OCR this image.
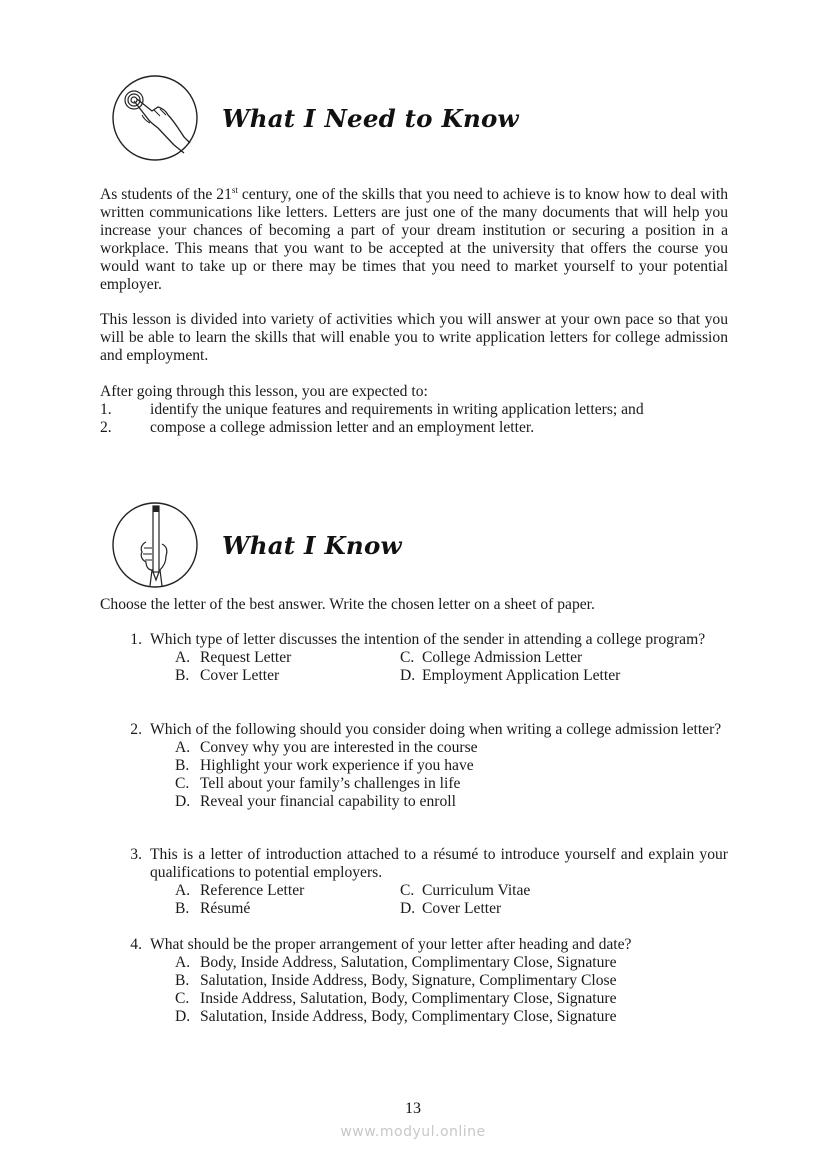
What I Need to Know

As students of the 21st century, one of the skills that you need to achieve is to know how to deal with written communications like letters. Letters are just one of the many documents that will help you increase your chances of becoming a part of your dream institution or securing a position in a workplace. This means that you want to be accepted at the university that offers the course you would want to take up or there may be times that you need to market yourself to your potential employer.

This lesson is divided into variety of activities which you will answer at your own pace so that you will be able to learn the skills that will enable you to write application letters for college admission and employment.

After going through this lesson, you are expected to:

1.	identify the unique features and requirements in writing application letters; and
2.	compose a college admission letter and an employment letter.
What I Know

Choose the letter of the best answer. Write the chosen letter on a sheet of paper.

1. Which type of letter discusses the intention of the sender in attending a college program?
A. Request Letter	C. College Admission Letter
B. Cover Letter	D. Employment Application Letter
2. Which of the following should you consider doing when writing a college admission letter?
A. Convey why you are interested in the course
B. Highlight your work experience if you have
C. Tell about your family’s challenges in life
D. Reveal your financial capability to enroll
3. This is a letter of introduction attached to a résumé to introduce yourself and explain your qualifications to potential employers.
A. Reference Letter	C. Curriculum Vitae
B. Résumé	D. Cover Letter
4. What should be the proper arrangement of your letter after heading and date?
A. Body, Inside Address, Salutation, Complimentary Close, Signature
B. Salutation, Inside Address, Body, Signature, Complimentary Close
C. Inside Address, Salutation, Body, Complimentary Close, Signature
D. Salutation, Inside Address, Body, Complimentary Close, Signature
13
www.modyul.online
